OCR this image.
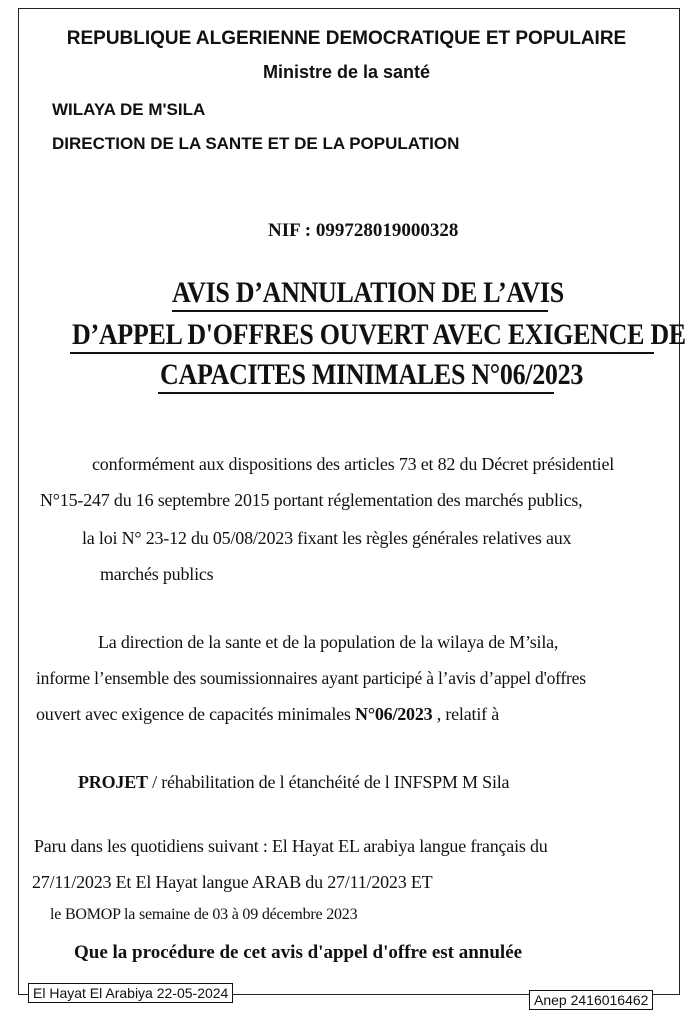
REPUBLIQUE ALGERIENNE DEMOCRATIQUE ET POPULAIRE
Ministre de la santé
WILAYA DE M'SILA
DIRECTION DE LA SANTE ET DE LA POPULATION
NIF : 099728019000328
AVIS D’ANNULATION DE L’AVIS
D’APPEL D'OFFRES OUVERT AVEC EXIGENCE DE
CAPACITES MINIMALES N°06/2023
conformément aux dispositions des articles 73 et 82 du Décret présidentiel
N°15-247 du 16 septembre 2015 portant réglementation des marchés publics,
la loi N° 23-12 du 05/08/2023 fixant les règles générales relatives aux
marchés publics
La direction de la sante et de la population de la wilaya de M’sila,
informe l’ensemble des soumissionnaires ayant participé à l’avis d’appel d'offres
ouvert avec exigence de capacités minimales N°06/2023 , relatif à
PROJET / réhabilitation de l étanchéité de l INFSPM M Sila
Paru dans les quotidiens suivant : El Hayat EL arabiya langue français du
27/11/2023 Et El Hayat langue ARAB du 27/11/2023 ET
le BOMOP la semaine de 03 à 09 décembre 2023
Que la procédure de cet avis d'appel d'offre est annulée
El Hayat El Arabiya 22-05-2024	Anep 2416016462
